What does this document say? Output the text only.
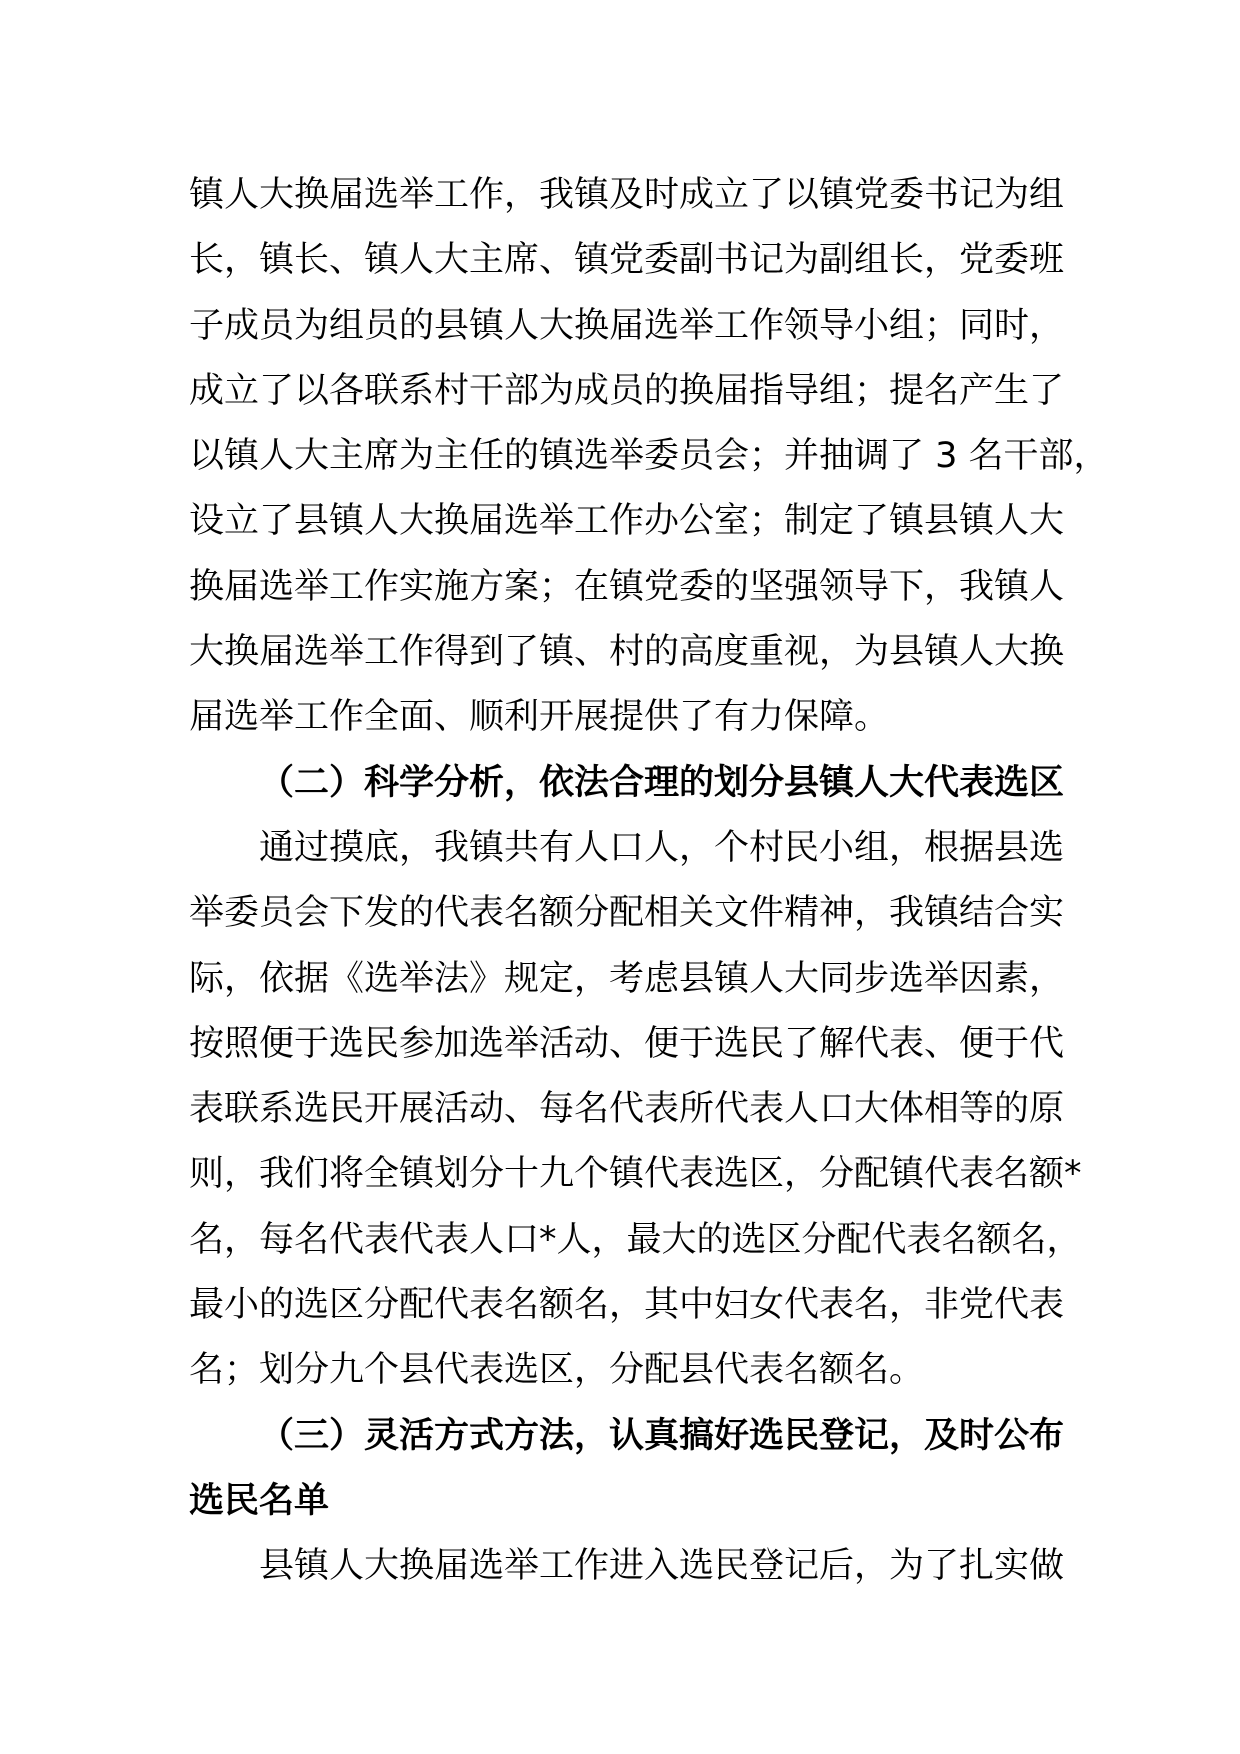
镇人大换届选举工作，我镇及时成立了以镇党委书记为组
长，镇长、镇人大主席、镇党委副书记为副组长，党委班
子成员为组员的县镇人大换届选举工作领导小组；同时，
成立了以各联系村干部为成员的换届指导组；提名产生了
以镇人大主席为主任的镇选举委员会；并抽调了 3 名干部，
设立了县镇人大换届选举工作办公室；制定了镇县镇人大
换届选举工作实施方案；在镇党委的坚强领导下，我镇人
大换届选举工作得到了镇、村的高度重视，为县镇人大换
届选举工作全面、顺利开展提供了有力保障。
（二）科学分析，依法合理的划分县镇人大代表选区
通过摸底，我镇共有人口人，个村民小组，根据县选
举委员会下发的代表名额分配相关文件精神，我镇结合实
际，依据《选举法》规定，考虑县镇人大同步选举因素，
按照便于选民参加选举活动、便于选民了解代表、便于代
表联系选民开展活动、每名代表所代表人口大体相等的原
则，我们将全镇划分十九个镇代表选区，分配镇代表名额*
名，每名代表代表人口*人，最大的选区分配代表名额名，
最小的选区分配代表名额名，其中妇女代表名，非党代表
名；划分九个县代表选区，分配县代表名额名。
（三）灵活方式方法，认真搞好选民登记，及时公布
选民名单
县镇人大换届选举工作进入选民登记后，为了扎实做
